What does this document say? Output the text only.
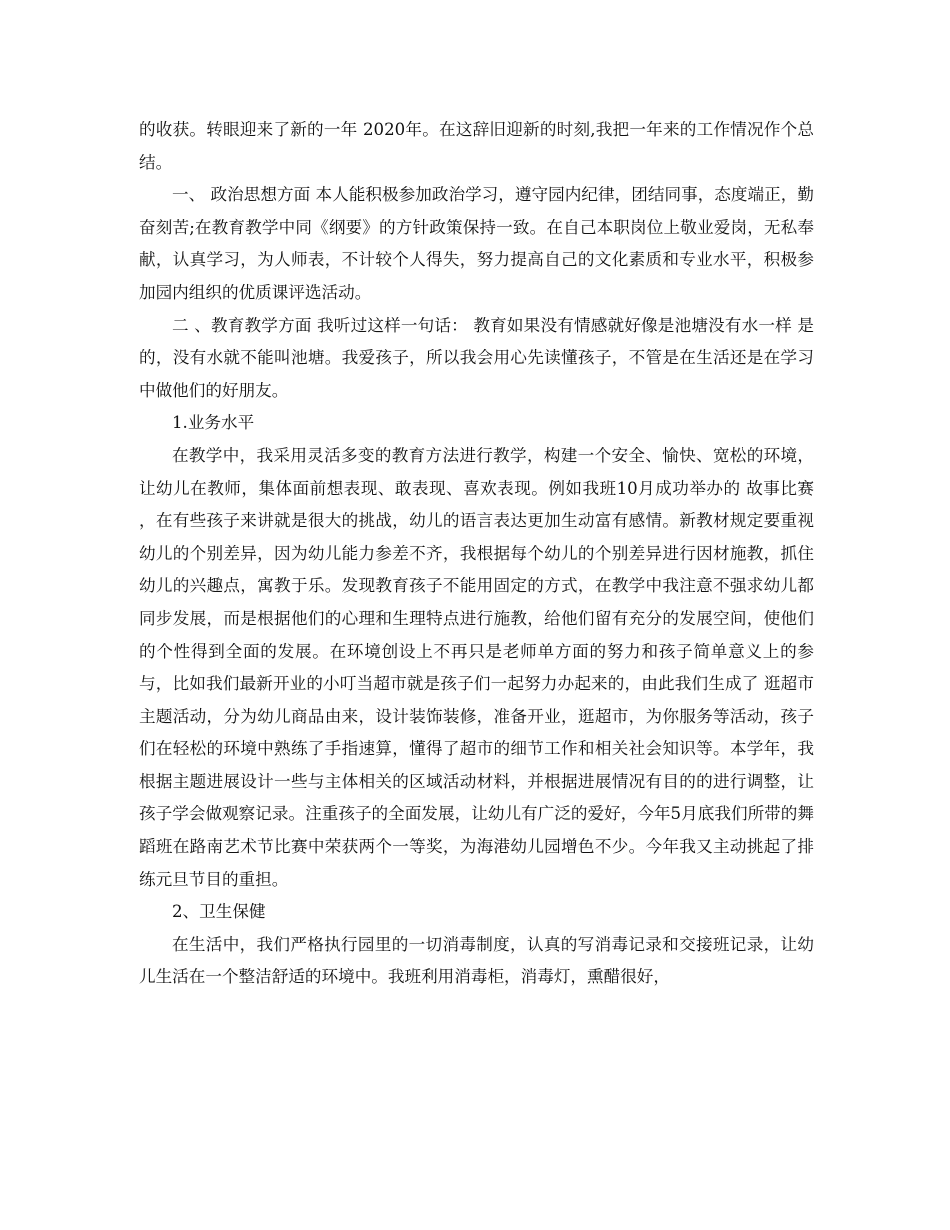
的收获。转眼迎来了新的一年 2020年。在这辞旧迎新的时刻,我把一年来的工作情况作个总结。

一、 政治思想方面 本人能积极参加政治学习，遵守园内纪律，团结同事，态度端正，勤奋刻苦;在教育教学中同《纲要》的方针政策保持一致。在自己本职岗位上敬业爱岗，无私奉献，认真学习，为人师表，不计较个人得失，努力提高自己的文化素质和专业水平，积极参加园内组织的优质课评选活动。

二 、教育教学方面 我听过这样一句话： 教育如果没有情感就好像是池塘没有水一样 是的，没有水就不能叫池塘。我爱孩子，所以我会用心先读懂孩子，不管是在生活还是在学习中做他们的好朋友。

1.业务水平

在教学中，我采用灵活多变的教育方法进行教学，构建一个安全、愉快、宽松的环境，让幼儿在教师，集体面前想表现、敢表现、喜欢表现。例如我班10月成功举办的 故事比赛 ，在有些孩子来讲就是很大的挑战，幼儿的语言表达更加生动富有感情。新教材规定要重视幼儿的个别差异，因为幼儿能力参差不齐，我根据每个幼儿的个别差异进行因材施教，抓住幼儿的兴趣点，寓教于乐。发现教育孩子不能用固定的方式，在教学中我注意不强求幼儿都同步发展，而是根据他们的心理和生理特点进行施教，给他们留有充分的发展空间，使他们的个性得到全面的发展。在环境创设上不再只是老师单方面的努力和孩子简单意义上的参与，比如我们最新开业的小叮当超市就是孩子们一起努力办起来的，由此我们生成了 逛超市 主题活动，分为幼儿商品由来，设计装饰装修，准备开业，逛超市，为你服务等活动，孩子们在轻松的环境中熟练了手指速算，懂得了超市的细节工作和相关社会知识等。本学年，我根据主题进展设计一些与主体相关的区域活动材料，并根据进展情况有目的的进行调整，让孩子学会做观察记录。注重孩子的全面发展，让幼儿有广泛的爱好，今年5月底我们所带的舞蹈班在路南艺术节比赛中荣获两个一等奖，为海港幼儿园增色不少。今年我又主动挑起了排练元旦节目的重担。

2、卫生保健

在生活中，我们严格执行园里的一切消毒制度，认真的写消毒记录和交接班记录，让幼儿生活在一个整洁舒适的环境中。我班利用消毒柜，消毒灯，熏醋很好，
